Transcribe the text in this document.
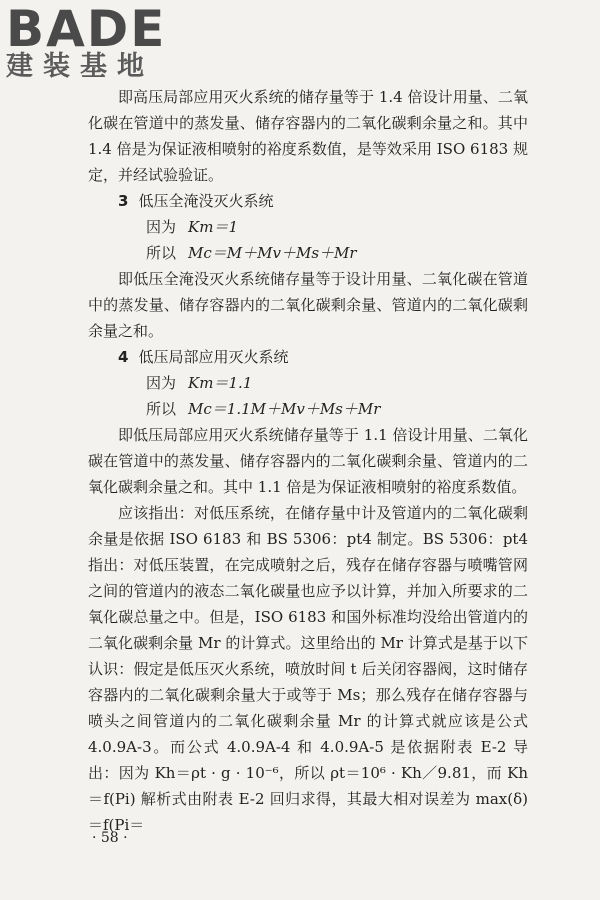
BADE
建装基地

即高压局部应用灭火系统的储存量等于 1.4 倍设计用量、二氧化碳在管道中的蒸发量、储存容器内的二氧化碳剩余量之和。其中 1.4 倍是为保证液相喷射的裕度系数值，是等效采用 ISO 6183 规定，并经试验验证。

3 低压全淹没灭火系统
因为 Km＝1
所以 Mc＝M＋Mv＋Ms＋Mr

即低压全淹没灭火系统储存量等于设计用量、二氧化碳在管道中的蒸发量、储存容器内的二氧化碳剩余量、管道内的二氧化碳剩余量之和。

4 低压局部应用灭火系统
因为 Km＝1.1
所以 Mc＝1.1M＋Mv＋Ms＋Mr

即低压局部应用灭火系统储存量等于 1.1 倍设计用量、二氧化碳在管道中的蒸发量、储存容器内的二氧化碳剩余量、管道内的二氧化碳剩余量之和。其中 1.1 倍是为保证液相喷射的裕度系数值。

应该指出：对低压系统，在储存量中计及管道内的二氧化碳剩余量是依据 ISO 6183 和 BS 5306：pt4 制定。BS 5306：pt4 指出：对低压装置，在完成喷射之后，残存在储存容器与喷嘴管网之间的管道内的液态二氧化碳量也应予以计算，并加入所要求的二氧化碳总量之中。但是，ISO 6183 和国外标准均没给出管道内的二氧化碳剩余量 Mr 的计算式。这里给出的 Mr 计算式是基于以下认识：假定是低压灭火系统，喷放时间 t 后关闭容器阀，这时储存容器内的二氧化碳剩余量大于或等于 Ms；那么残存在储存容器与喷头之间管道内的二氧化碳剩余量 Mr 的计算式就应该是公式 4.0.9A-3。而公式 4.0.9A-4 和 4.0.9A-5 是依据附表 E-2 导出：因为 Kh＝ρt · g · 10⁻⁶，所以 ρt＝10⁶ · Kh／9.81，而 Kh＝f(Pi) 解析式由附表 E-2 回归求得，其最大相对误差为 max(δ)＝f(Pi＝

· 58 ·
